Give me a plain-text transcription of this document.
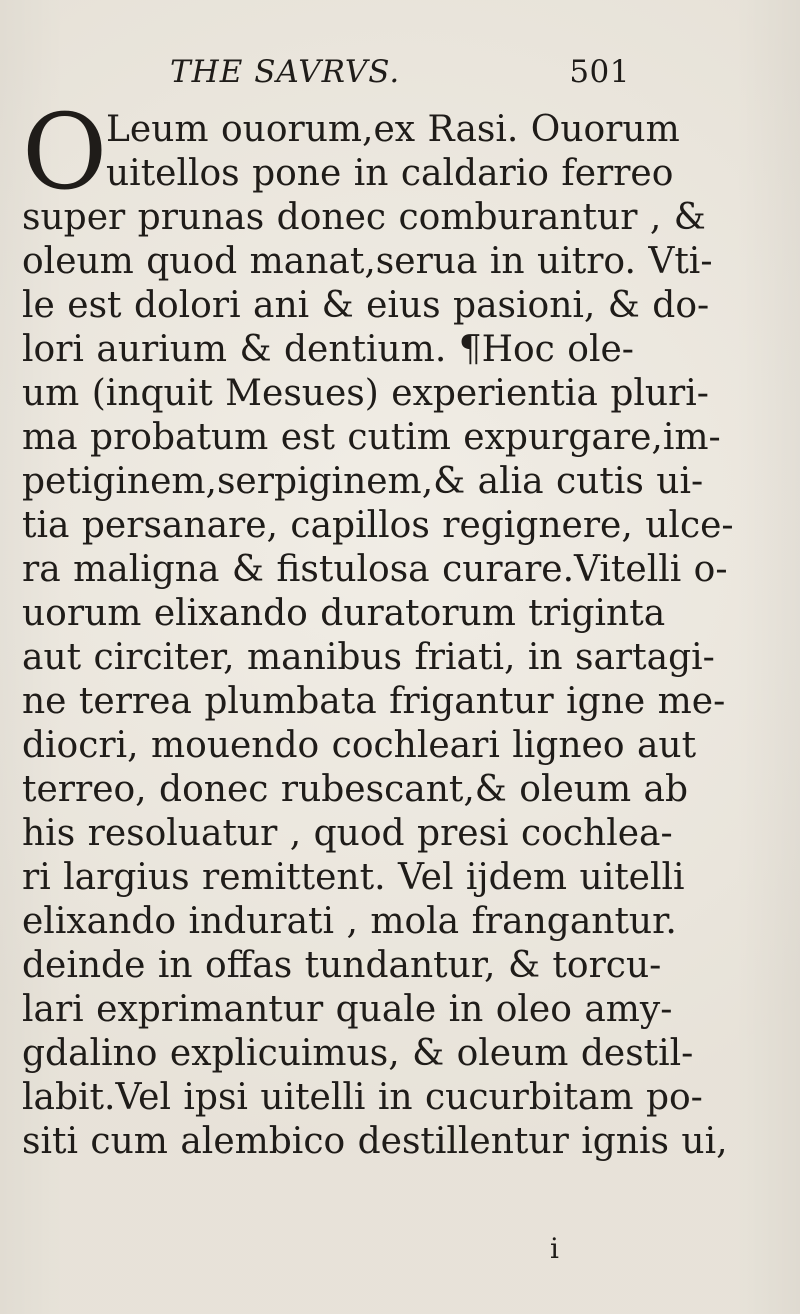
THE SAVRVS.	501
O
Leum ouorum,ex Rasi. Ouorum
uitellos pone in caldario ferreo
super prunas donec comburantur , &
oleum quod manat,serua in uitro. Vti-
le est dolori ani & eius pasioni, & do-
lori aurium & dentium. ¶Hoc ole-
um (inquit Mesues) experientia pluri-
ma probatum est cutim expurgare,im-
petiginem,serpiginem,& alia cutis ui-
tia persanare, capillos regignere, ulce-
ra maligna & fistulosa curare.Vitelli o-
uorum elixando duratorum triginta
aut circiter, manibus friati, in sartagi-
ne terrea plumbata frigantur igne me-
diocri, mouendo cochleari ligneo aut
terreo, donec rubescant,& oleum ab
his resoluatur , quod presi cochlea-
ri largius remittent. Vel ijdem uitelli
elixando indurati , mola frangantur.
deinde in offas tundantur, & torcu-
lari exprimantur quale in oleo amy-
gdalino explicuimus, & oleum destil-
labit.Vel ipsi uitelli in cucurbitam po-
siti cum alembico destillentur ignis ui,
i
